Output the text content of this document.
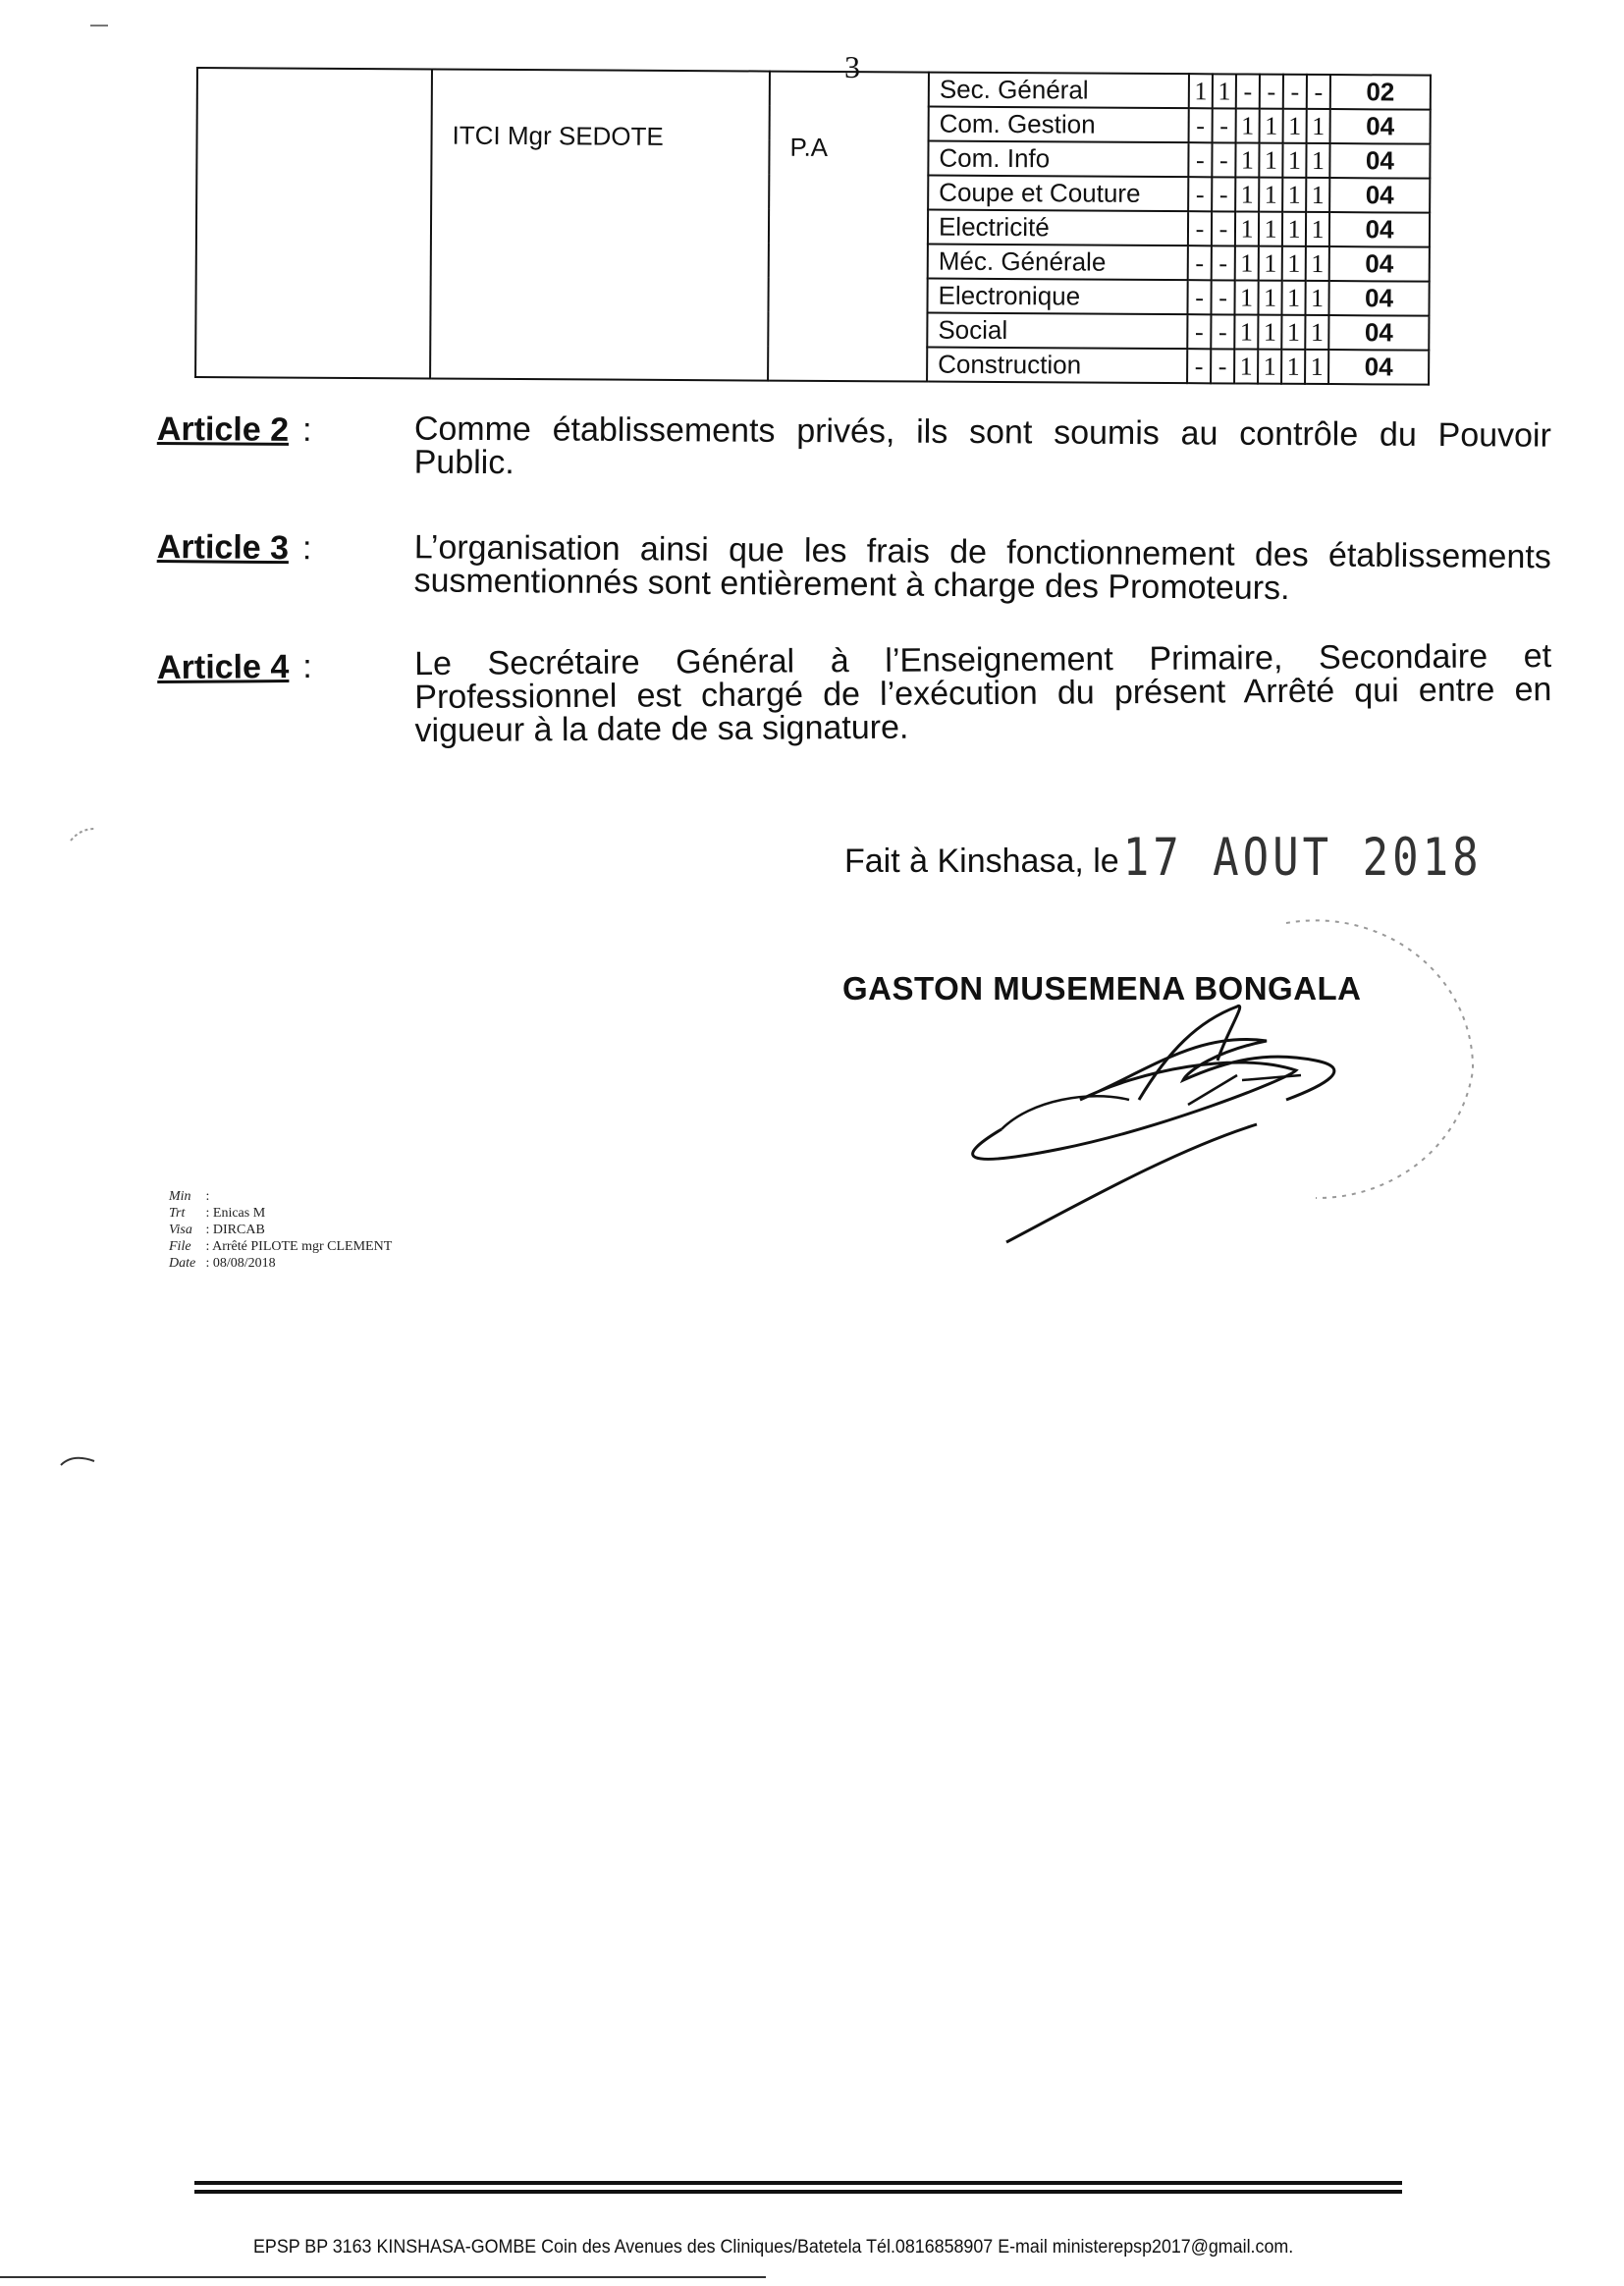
3
	ITCI Mgr SEDOTE	P.A	Sec. Général	1	1	-	-	-	-	02
			Com. Gestion	-	-	1	1	1	1	04
			Com. Info	-	-	1	1	1	1	04
			Coupe et Couture	-	-	1	1	1	1	04
			Electricité	-	-	1	1	1	1	04
			Méc. Générale	-	-	1	1	1	1	04
			Electronique	-	-	1	1	1	1	04
			Social	-	-	1	1	1	1	04
			Construction	-	-	1	1	1	1	04
Article 2 :	Comme établissements privés, ils sont soumis au contrôle du Pouvoir Public.
Article 3 :	L’organisation ainsi que les frais de fonctionnement des établissements susmentionnés sont entièrement à charge des Promoteurs.
Article 4 :	Le Secrétaire Général à l’Enseignement Primaire, Secondaire et Professionnel est chargé de l’exécution du présent Arrêté qui entre en vigueur à la date de sa signature.
Fait à Kinshasa, le17 AOUT 2018
GASTON MUSEMENA BONGALA
Min :
Trt : Enicas M
Visa : DIRCAB
File : Arrêté PILOTE mgr CLEMENT
Date : 08/08/2018
EPSP BP 3163 KINSHASA-GOMBE Coin des Avenues des Cliniques/Batetela Tél.0816858907 E-mail ministerepsp2017@gmail.com.
